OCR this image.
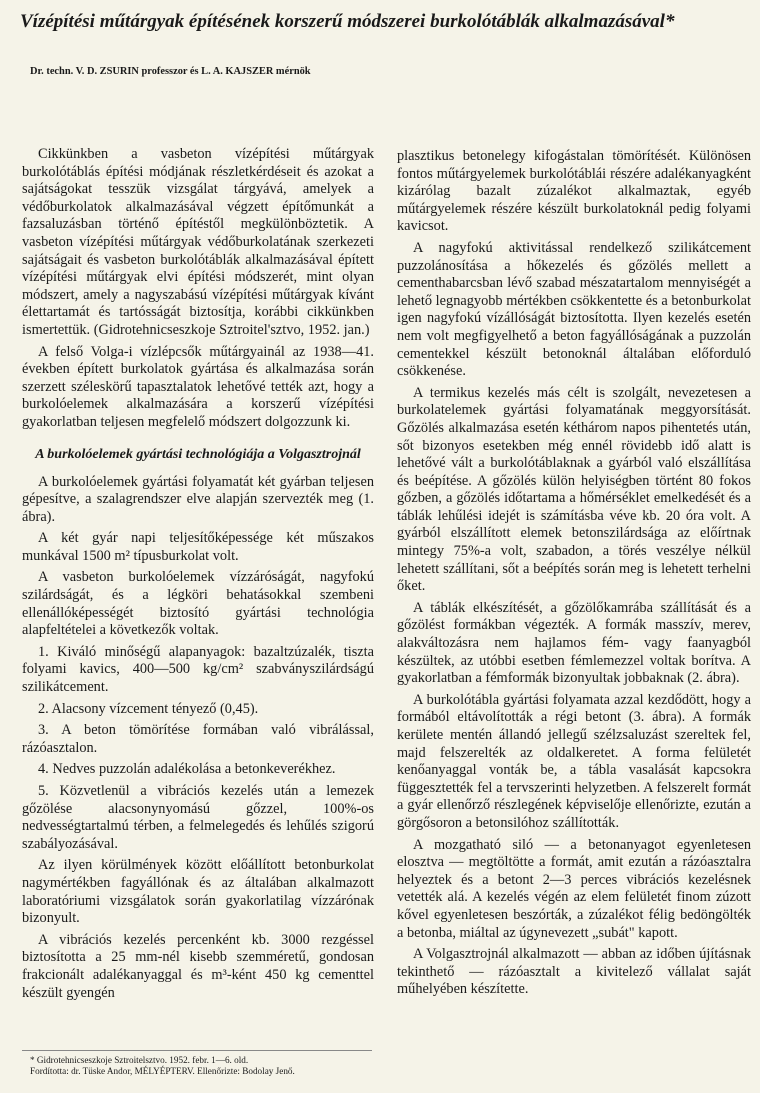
Vízépítési műtárgyak építésének korszerű módszerei burkolótáblák alkalmazásával*
Dr. techn. V. D. ZSURIN professzor és L. A. KAJSZER mérnök

Cikkünkben a vasbeton vízépítési műtárgyak burkolótáblás építési módjának részletkérdéseit és azokat a sajátságokat tesszük vizsgálat tárgyává, amelyek a védőburkolatok alkalmazásával végzett építőmunkát a fazsaluzásban történő építéstől megkülönböztetik. A vasbeton vízépítési műtárgyak védőburkolatának szerkezeti sajátságait és vasbeton burkolótáblák alkalmazásával épített vízépítési műtárgyak elvi építési módszerét, mint olyan módszert, amely a nagyszabású vízépítési műtárgyak kívánt élettartamát és tartósságát biztosítja, korábbi cikkünkben ismertettük. (Gidrotehnicseszkoje Sztroitel'sztvo, 1952. jan.)

A felső Volga-i vízlépcsők műtárgyainál az 1938—41. években épített burkolatok gyártása és alkalmazása során szerzett széleskörű tapasztalatok lehetővé tették azt, hogy a burkolóelemek alkalmazására a korszerű vízépítési gyakorlatban teljesen megfelelő módszert dolgozzunk ki.

A burkolóelemek gyártási technológiája a Volgasztrojnál

A burkolóelemek gyártási folyamatát két gyárban teljesen gépesítve, a szalagrendszer elve alapján szervezték meg (1. ábra).

A két gyár napi teljesítőképessége két műszakos munkával 1500 m² típusburkolat volt.

A vasbeton burkolóelemek vízzáróságát, nagyfokú szilárdságát, és a légköri behatásokkal szembeni ellenállóképességét biztosító gyártási technológia alapfeltételei a következők voltak.

1. Kiváló minőségű alapanyagok: bazaltzúzalék, tiszta folyami kavics, 400—500 kg/cm² szabványszilárdságú szilikátcement.

2. Alacsony vízcement tényező (0,45).

3. A beton tömörítése formában való vibrálással, rázóasztalon.

4. Nedves puzzolán adalékolása a betonkeverékhez.

5. Közvetlenül a vibrációs kezelés után a lemezek gőzölése alacsonynyomású gőzzel, 100%-os nedvességtartalmú térben, a felmelegedés és lehűlés szigorú szabályozásával.

Az ilyen körülmények között előállított betonburkolat nagymértékben fagyállónak és az általában alkalmazott laboratóriumi vizsgálatok során gyakorlatilag vízzárónak bizonyult.

A vibrációs kezelés percenként kb. 3000 rezgéssel biztosította a 25 mm-nél kisebb szemméretű, gondosan frakcionált adalékanyaggal és m³-ként 450 kg cementtel készült gyengén

* Gidrotehnicseszkoje Sztroitelsztvo. 1952. febr. 1—6. old.

Fordította: dr. Tüske Andor, MÉLYÉPTERV. Ellenőrizte: Bodolay Jenő.

plasztikus betonelegy kifogástalan tömörítését. Különösen fontos műtárgyelemek burkolótáblái részére adalékanyagként kizárólag bazalt zúzalékot alkalmaztak, egyéb műtárgyelemek részére készült burkolatoknál pedig folyami kavicsot.

A nagyfokú aktivitással rendelkező szilikátcement puzzolánosítása a hőkezelés és gőzölés mellett a cementhabarcsban lévő szabad mészatartalom mennyiségét a lehető legnagyobb mértékben csökkentette és a betonburkolat igen nagyfokú vízállóságát biztosította. Ilyen kezelés esetén nem volt megfigyelhető a beton fagyállóságának a puzzolán cementekkel készült betonoknál általában előforduló csökkenése.

A termikus kezelés más célt is szolgált, nevezetesen a burkolatelemek gyártási folyamatának meggyorsítását. Gőzölés alkalmazása esetén kéthárom napos pihentetés után, sőt bizonyos esetekben még ennél rövidebb idő alatt is lehetővé vált a burkolótáblaknak a gyárból való elszállítása és beépítése. A gőzölés külön helyiségben történt 80 fokos gőzben, a gőzölés időtartama a hőmérséklet emelkedését és a táblák lehűlési idejét is számításba véve kb. 20 óra volt. A gyárból elszállított elemek betonszilárdsága az előírtnak mintegy 75%-a volt, szabadon, a törés veszélye nélkül lehetett szállítani, sőt a beépítés során meg is lehetett terhelni őket.

A táblák elkészítését, a gőzölőkamrába szállítását és a gőzölést formákban végezték. A formák masszív, merev, alakváltozásra nem hajlamos fém- vagy faanyagból készültek, az utóbbi esetben fémlemezzel voltak borítva. A gyakorlatban a fémformák bizonyultak jobbaknak (2. ábra).

A burkolótábla gyártási folyamata azzal kezdődött, hogy a formából eltávolították a régi betont (3. ábra). A formák kerülete mentén állandó jellegű szélzsaluzást szereltek fel, majd felszerelték az oldalkeretet. A forma felületét kenőanyaggal vonták be, a tábla vasalását kapcsokra függesztették fel a tervszerinti helyzetben. A felszerelt formát a gyár ellenőrző részlegének képviselője ellenőrizte, ezután a görgősoron a betonsilóhoz szállították.

A mozgatható siló — a betonanyagot egyenletesen elosztva — megtöltötte a formát, amit ezután a rázóasztalra helyeztek és a betont 2—3 perces vibrációs kezelésnek vetették alá. A kezelés végén az elem felületét finom zúzott kővel egyenletesen beszórták, a zúzalékot félig bedöngölték a betonba, miáltal az úgynevezett „subát" kapott.

A Volgasztrojnál alkalmazott — abban az időben újításnak tekinthető — rázóasztalt a kivitelező vállalat saját műhelyében készítette.
